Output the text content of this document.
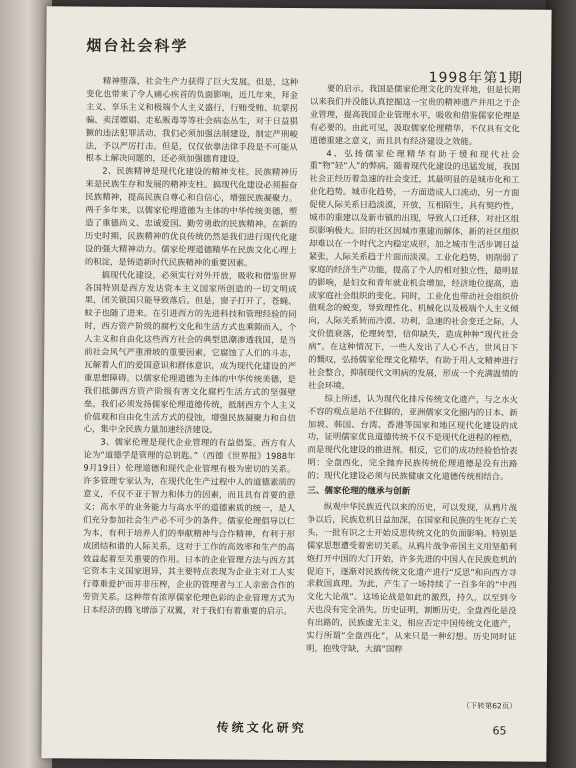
烟台社会科学
1998年第1期
精神堕落，社会生产力获得了巨大发展。但是，这种变化也带来了令人痛心疾首的负面影响，近几年来，拜金主义、享乐主义和极端个人主义盛行，行贿受贿、坑蒙拐骗、卖淫嫖娼、走私贩毒等等社会病态丛生，对于日益猖獗的违法犯罪活动，我们必须加强法制建设，制定严刑峻法，予以严厉打击。但是，仅仅依靠法律手段是不可能从根本上解决问题的，还必须加强德育建设。
2、民族精神是现代化建设的精神支柱。民族精神历来是民族生存和发展的精神支柱。搞现代化建设必须振奋民族精神，提高民族自尊心和自信心，增强民族凝聚力。两千多年来，以儒家伦理道德为主体的中华传统美德，塑造了重德尚义、忠诚爱国、勤劳勇敢的民族精神。在新的历史时期，民族精神的优良传统仍然是我们进行现代化建设的强大精神动力。儒家伦理道德精华在民族文化心理上的积淀，是铸造新时代民族精神的重要因素。
搞现代化建设，必须实行对外开放，吸收和借鉴世界各国特别是西方发达资本主义国家所创造的一切文明成果，闭关锁国只能导致落后。但是，窗子打开了，苍蝇、蚊子也随了进来。在引进西方的先进科技和管理经验的同时，西方资产阶级的腐朽文化和生活方式也乘隙而入，个人主义和自由化这些西方社会的典型思潮渗透我国，是当前社会风气严重滑坡的重要因素，它腐蚀了人们的斗志，瓦解着人们的爱国意识和群体意识，成为现代化建设的严重思想障碍。以儒家伦理道德为主体的中华传统美德，是我们抵御西方资产阶级有害文化腐朽生活方式的坚强壁垒。我们必须发扬儒家伦理道德传统，抵制西方个人主义价值观和自由化生活方式的侵蚀，增强民族凝聚力和自信心，集中全民族力量加速经济建设。
3、儒家伦理是现代企业管理的有益借鉴。西方有人论为“道德学是管理的总钥匙。”（西德《世界报》1988年9月19日）伦理道德和现代企业管理有极为密切的关系。许多管理专家认为，在现代化生产过程中人的道德素质的意义，不仅不亚于智力和体力的因素，而且具有首要的意义；高水平的业务能力与高水平的道德素质的统一，是人们充分参加社会生产必不可少的条件。儒家伦理倡导以仁为本，有利于培养人们的奉献精神与合作精神，有利于形成团结和谐的人际关系，这对于工作的高效率和生产的高效益起着至关重要的作用。日本的企业管理方法与西方其它资本主义国家迥异，其主要特点表现为企业主对工人实行尊重爱护而并非压榨，企业的管理者与工人亲密合作的劳资关系。这种带有浓厚儒家伦理色彩的企业管理方式为日本经济的腾飞增添了双翼，对于我们有着重要的启示。
要的启示。我国是儒家伦理文化的发祥地，但是长期以来我们并没能认真挖掘这一宝贵的精神遗产并用之于企业管理，提高我国企业管理水平，吸收和借鉴儒家伦理是有必要的。由此可见，汲取儒家伦理精华，不仅具有文化道德重建之意义，而且具有经济建设之效能。
4、弘扬儒家伦理精华有助于缓和现代社会重“物”轻“人”的弊病。随着现代化建设的迅猛发展，我国社会正经历着急速的社会变迁，其最明显的是城市化和工业化趋势。城市化趋势，一方面造成人口流动，另一方面促使人际关系日趋淡漠，开放，互相陌生，具有契约性，城市的重建以及新市镇的出现，导致人口迁移，对社区组织影响极大。旧的社区因城市重建而解体，新的社区组织却难以在一个时代之内稳定成形，加之城市生活步调日益紧张，人际关系趋于片面而淡漠。工业化趋势，则削弱了家庭的经济生产功能，提高了个人的相对独立性，最明显的影响，是妇女和青年就业机会增加，经济地位提高，造成家庭社会组织的变化。同时，工业化也带动社会组织价值观念的蜕变，导致理性化、机械化以及极端个人主义倾向，人际关系转而冷漠、功利，急速的社会变迁之际，人文价值衰落，伦理转型，信仰缺失，造成种种“现代社会病”。在这种情况下，一些人发出了人心不古，世风日下的慨叹，弘扬儒家伦理文化精华，有助于用人文精神进行社会整合，抑制现代文明病的发展，形成一个充满温情的社会环境。
综上所述，认为现代化排斥传统文化遗产，与之水火不容的观点是站不住脚的，亚洲儒家文化圈内的日本、新加坡、韩国、台湾、香港等国家和地区现代化建设的成功，证明儒家优良道德传统不仅不是现代化进程的桎梏，而是现代化建设的推进剂。相反，它们的成功经验恰恰表明：全盘西化，完全抛弃民族传统伦理道德是没有出路的；现代化建设必须与民族健康文化道德传统相结合。
三、儒家伦理的继承与创新
纵观中华民族近代以来的历史，可以发现，从鸦片战争以后，民族危机日益加深，在国家和民族的生死存亡关头，一批有识之士开始反思传统文化的负面影响。特别是儒家思想遭受着密切关系。从鸦片战争帝国主义用坚船利炮打开中国的大门开始，许多先进的中国人在民族危机的促迫下，逐渐对民族传统文化遗产进行“反思”和向西方寻求救国真理。为此，产生了一场持续了一百多年的“中西文化大论战”。这场论战是如此的激烈，持久，以至到今天也没有完全消失。历史证明，割断历史，全盘西化是没有出路的，民族虚无主义，相应否定中国传统文化遗产，实行所谓“全盘西化”，从来只是一种幻想。历史同时证明，抱残守缺，大搞“国粹
（下转第62页）
传统文化研究	65
